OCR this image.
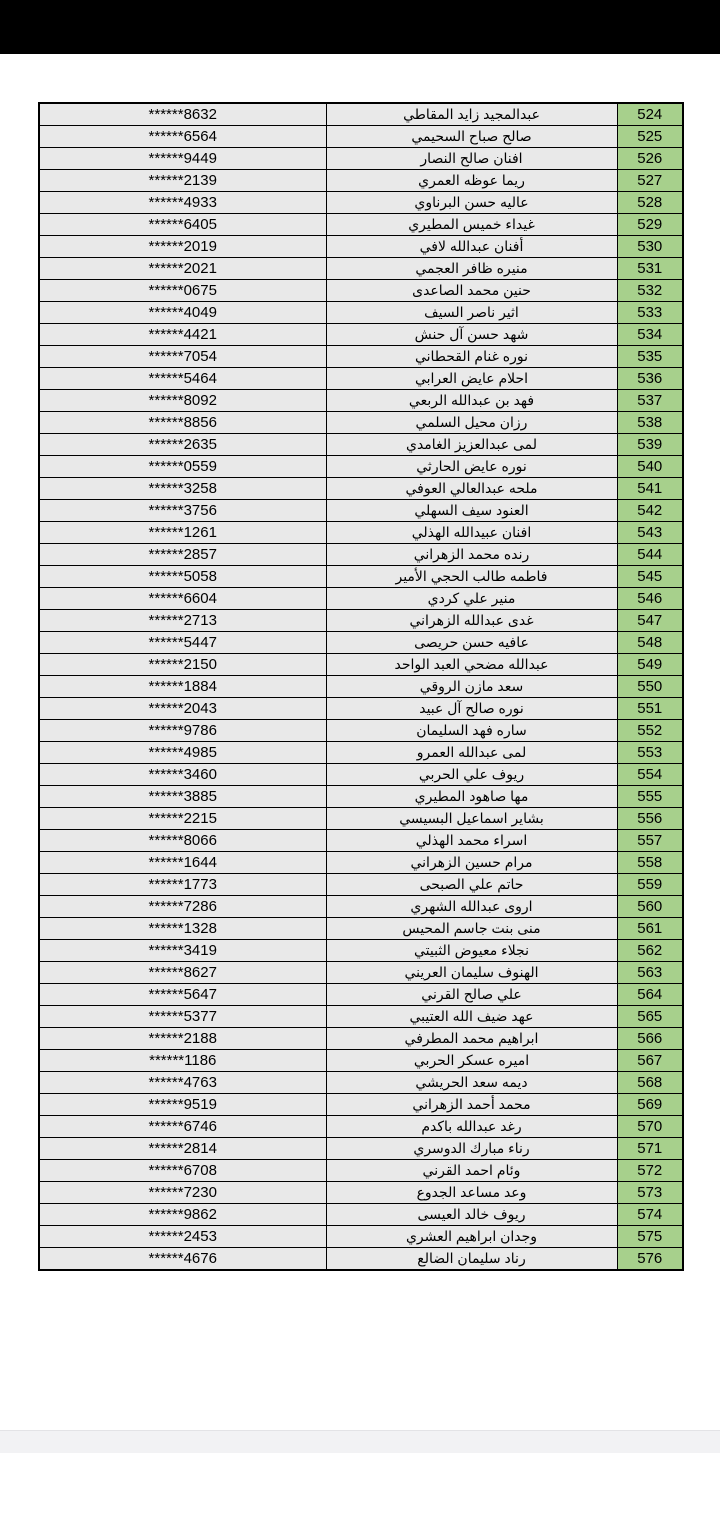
******8632	عبدالمجيد زايد المقاطي	524
******6564	صالح صباح السحيمي	525
******9449	افنان صالح النصار	526
******2139	ريما عوظه العمري	527
******4933	عاليه حسن البرناوي	528
******6405	غيداء خميس المطيري	529
******2019	أفنان عبدالله لافي	530
******2021	منيره ظافر العجمي	531
******0675	حنين محمد الصاعدى	532
******4049	اثير ناصر السيف	533
******4421	شهد حسن آل حنش	534
******7054	نوره غنام القحطاني	535
******5464	احلام عايض العرابي	536
******8092	فهد بن عبدالله الربعي	537
******8856	رزان محيل السلمي	538
******2635	لمى عبدالعزيز الغامدي	539
******0559	نوره عايض الحارثي	540
******3258	ملحه عبدالعالي العوفي	541
******3756	العنود سيف السهلي	542
******1261	افنان عبيدالله الهذلي	543
******2857	رنده محمد الزهراني	544
******5058	فاطمه طالب الحجي الأمير	545
******6604	منير علي كردي	546
******2713	غدى عبدالله الزهراني	547
******5447	عافيه حسن حريصى	548
******2150	عبدالله مضحي العبد الواحد	549
******1884	سعد مازن الروقي	550
******2043	نوره صالح آل عبيد	551
******9786	ساره فهد السليمان	552
******4985	لمى عبدالله العمرو	553
******3460	ريوف علي الحربي	554
******3885	مها صاهود المطيري	555
******2215	بشاير اسماعيل البسيسي	556
******8066	اسراء محمد الهذلي	557
******1644	مرام حسين الزهراني	558
******1773	حاتم علي الصبحى	559
******7286	اروى عبدالله الشهري	560
******1328	منى بنت جاسم المحيس	561
******3419	نجلاء معيوض الثبيتي	562
******8627	الهنوف سليمان العريني	563
******5647	علي صالح القرني	564
******5377	عهد ضيف الله العتيبي	565
******2188	ابراهيم محمد المطرفي	566
******1186	اميره عسكر الحربي	567
******4763	ديمه سعد الحريشي	568
******9519	محمد أحمد الزهراني	569
******6746	رغد عبدالله باكدم	570
******2814	رناء مبارك الدوسري	571
******6708	وئام احمد القرني	572
******7230	وعد مساعد الجدوع	573
******9862	ريوف خالد العيسى	574
******2453	وجدان ابراهيم العشري	575
******4676	رناد سليمان الضالع	576
